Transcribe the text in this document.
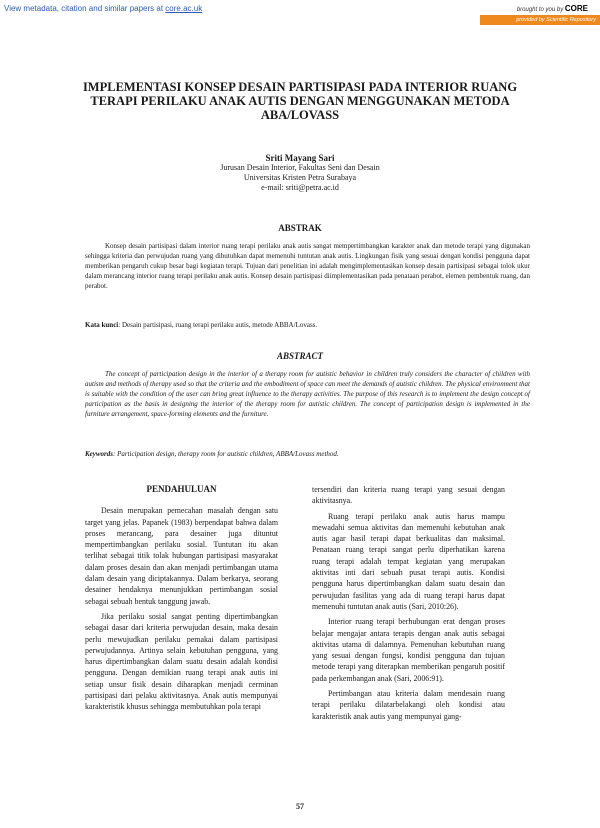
View metadata, citation and similar papers at core.ac.uk	brought to you by CORE
provided by Scientific Repository
IMPLEMENTASI KONSEP DESAIN PARTISIPASI PADA INTERIOR RUANG TERAPI PERILAKU ANAK AUTIS DENGAN MENGGUNAKAN METODA ABA/LOVASS
Sriti Mayang Sari
Jurusan Desain Interior, Fakultas Seni dan Desain
Universitas Kristen Petra Surabaya
e-mail: sriti@petra.ac.id
ABSTRAK

Konsep desain partisipasi dalam interior ruang terapi perilaku anak autis sangat mempertimbangkan karakter anak dan metode terapi yang digunakan sehingga kriteria dan perwujudan ruang yang dibutuhkan dapat memenuhi tuntutan anak autis. Lingkungan fisik yang sesuai dengan kondisi pengguna dapat memberikan pengaruh cukup besar bagi kegiatan terapi. Tujuan dari penelitian ini adalah mengimplementasikan konsep desain partisipasi sebagai tolok ukur dalam merancang interior ruang terapi perilaku anak autis. Konsep desain partisipasi diimplementasikan pada penataan perabot, elemen pembentuk ruang, dan perabot.

Kata kunci: Desain partisipasi, ruang terapi perilaku autis, metode ABBA/Lovass.

ABSTRACT

The concept of participation design in the interior of a therapy room for autistic behavior in children truly considers the character of children with autism and methods of therapy used so that the criteria and the embodiment of space can meet the demands of autistic children. The physical environment that is suitable with the condition of the user can bring great influence to the therapy activities. The purpose of this research is to implement the design concept of participation as the basis in designing the interior of the therapy room for autistic children. The concept of participation design is implemented in the furniture arrangement, space-forming elements and the furniture.

Keywords: Participation design, therapy room for autistic children, ABBA/Lovass method.

PENDAHULUAN

Desain merupakan pemecahan masalah dengan satu target yang jelas. Papanek (1983) berpendapat bahwa dalam proses merancang, para desainer juga dituntut mempertimbangkan perilaku sosial. Tuntutan itu akan terlihat sebagai titik tolak hubungan partisipasi masyarakat dalam proses desain dan akan menjadi pertimbangan utama dalam desain yang diciptakannya. Dalam berkarya, seorang desainer hendaknya menunjukkan pertimbangan sosial sebagai sebuah bentuk tanggung jawab.

Jika perilaku sosial sangat penting dipertimbangkan sebagai dasar dari kriteria perwujudan desain, maka desain perlu mewujudkan perilaku pemakai dalam partisipasi perwujudannya. Artinya selain kebutuhan pengguna, yang harus dipertimbangkan dalam suatu desain adalah kondisi pengguna. Dengan demikian ruang terapi anak autis ini setiap unsur fisik desain diharapkan menjadi cerminan partisipasi dari pelaku aktivitasnya. Anak autis mempunyai karakteristik khusus sehingga membutuhkan pola terapi

tersendiri dan kriteria ruang terapi yang sesuai dengan aktivitasnya.

Ruang terapi perilaku anak autis harus mampu mewadahi semua aktivitas dan memenuhi kebutuhan anak autis agar hasil terapi dapat berkualitas dan maksimal. Penataan ruang terapi sangat perlu diperhatikan karena ruang terapi adalah tempat kegiatan yang merupakan aktivitas inti dari sebuah pusat terapi autis. Kondisi pengguna harus dipertimbangkan dalam suatu desain dan perwujudan fasilitas yang ada di ruang terapi harus dapat memenuhi tuntutan anak autis (Sari, 2010:26).

Interior ruang terapi berhubungan erat dengan proses belajar mengajar antara terapis dengan anak autis sebagai aktivitas utama di dalamnya. Pemenuhan kebutuhan ruang yang sesuai dengan fungsi, kondisi pengguna dan tujuan metode terapi yang diterapkan memberikan pengaruh positif pada perkembangan anak (Sari, 2006:91).

Pertimbangan atau kriteria dalam mendesain ruang terapi perilaku dilatarbelakangi oleh kondisi atau karakteristik anak autis yang mempunyai gang-

57
